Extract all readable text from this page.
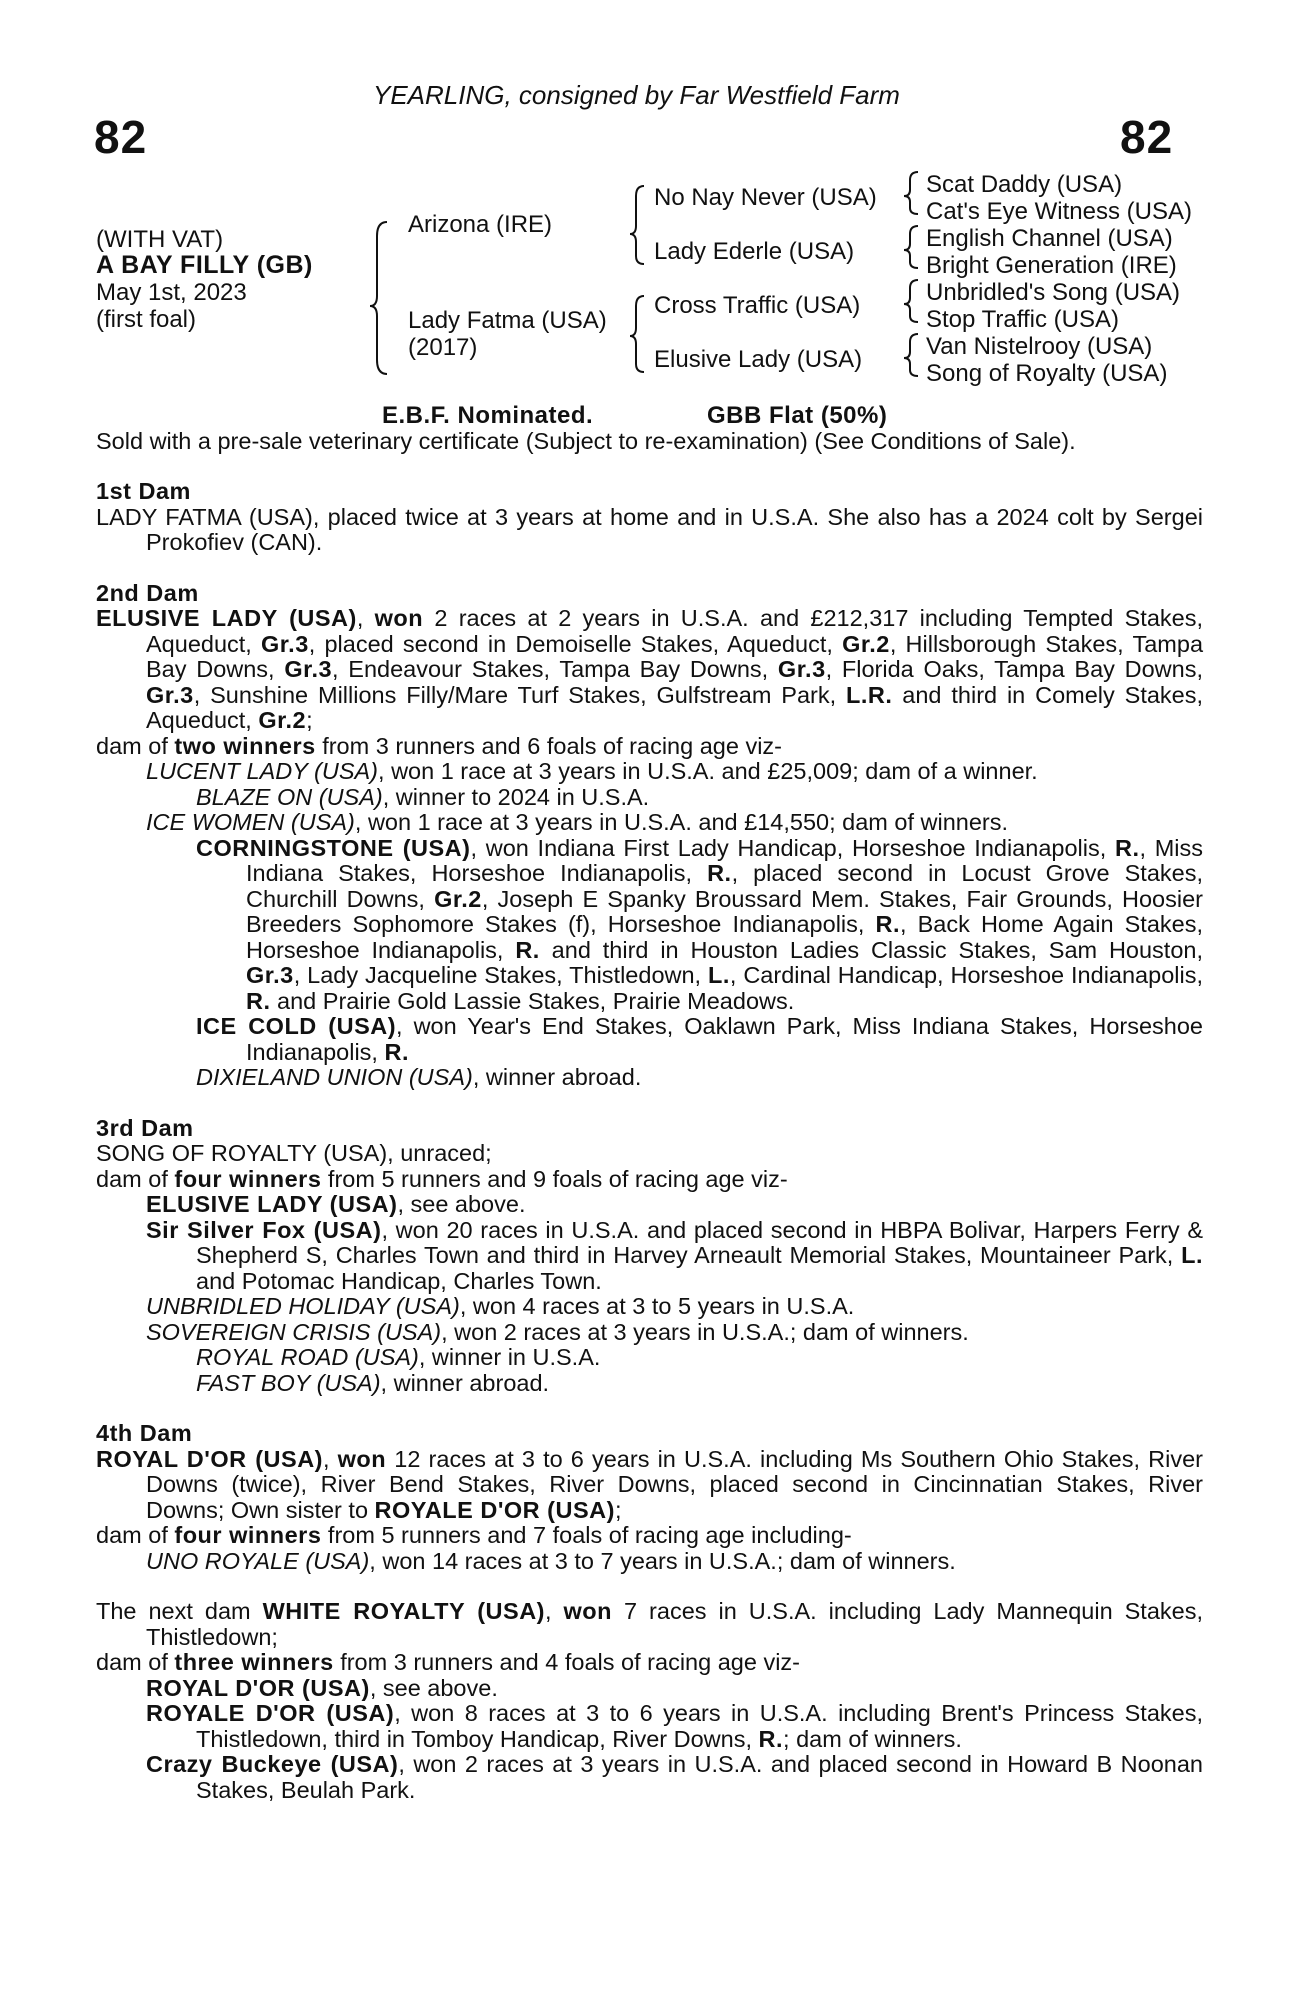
YEARLING, consigned by Far Westfield Farm
82	82
(WITH VAT)
A BAY FILLY (GB)
May 1st, 2023
(first foal)
Arizona (IRE)
Lady Fatma (USA)
(2017)
No Nay Never (USA)
Lady Ederle (USA)
Cross Traffic (USA)
Elusive Lady (USA)
Scat Daddy (USA)
Cat's Eye Witness (USA)
English Channel (USA)
Bright Generation (IRE)
Unbridled's Song (USA)
Stop Traffic (USA)
Van Nistelrooy (USA)
Song of Royalty (USA)
E.B.F. Nominated.	GBB Flat (50%)
Sold with a pre-sale veterinary certificate (Subject to re-examination) (See Conditions of Sale).

1st Dam

LADY FATMA (USA), placed twice at 3 years at home and in U.S.A. She also has a 2024 colt by Sergei Prokofiev (CAN).

2nd Dam

ELUSIVE LADY (USA), won 2 races at 2 years in U.S.A. and £212,317 including Tempted Stakes, Aqueduct, Gr.3, placed second in Demoiselle Stakes, Aqueduct, Gr.2, Hillsborough Stakes, Tampa Bay Downs, Gr.3, Endeavour Stakes, Tampa Bay Downs, Gr.3, Florida Oaks, Tampa Bay Downs, Gr.3, Sunshine Millions Filly/Mare Turf Stakes, Gulfstream Park, L.R. and third in Comely Stakes, Aqueduct, Gr.2;

dam of two winners from 3 runners and 6 foals of racing age viz-

LUCENT LADY (USA), won 1 race at 3 years in U.S.A. and £25,009; dam of a winner.

BLAZE ON (USA), winner to 2024 in U.S.A.

ICE WOMEN (USA), won 1 race at 3 years in U.S.A. and £14,550; dam of winners.

CORNINGSTONE (USA), won Indiana First Lady Handicap, Horseshoe Indianapolis, R., Miss Indiana Stakes, Horseshoe Indianapolis, R., placed second in Locust Grove Stakes, Churchill Downs, Gr.2, Joseph E Spanky Broussard Mem. Stakes, Fair Grounds, Hoosier Breeders Sophomore Stakes (f), Horseshoe Indianapolis, R., Back Home Again Stakes, Horseshoe Indianapolis, R. and third in Houston Ladies Classic Stakes, Sam Houston, Gr.3, Lady Jacqueline Stakes, Thistledown, L., Cardinal Handicap, Horseshoe Indianapolis, R. and Prairie Gold Lassie Stakes, Prairie Meadows.

ICE COLD (USA), won Year's End Stakes, Oaklawn Park, Miss Indiana Stakes, Horseshoe Indianapolis, R.

DIXIELAND UNION (USA), winner abroad.

3rd Dam

SONG OF ROYALTY (USA), unraced;

dam of four winners from 5 runners and 9 foals of racing age viz-

ELUSIVE LADY (USA), see above.

Sir Silver Fox (USA), won 20 races in U.S.A. and placed second in HBPA Bolivar, Harpers Ferry & Shepherd S, Charles Town and third in Harvey Arneault Memorial Stakes, Mountaineer Park, L. and Potomac Handicap, Charles Town.

UNBRIDLED HOLIDAY (USA), won 4 races at 3 to 5 years in U.S.A.

SOVEREIGN CRISIS (USA), won 2 races at 3 years in U.S.A.; dam of winners.

ROYAL ROAD (USA), winner in U.S.A.

FAST BOY (USA), winner abroad.

4th Dam

ROYAL D'OR (USA), won 12 races at 3 to 6 years in U.S.A. including Ms Southern Ohio Stakes, River Downs (twice), River Bend Stakes, River Downs, placed second in Cincinnatian Stakes, River Downs; Own sister to ROYALE D'OR (USA);

dam of four winners from 5 runners and 7 foals of racing age including-

UNO ROYALE (USA), won 14 races at 3 to 7 years in U.S.A.; dam of winners.

The next dam WHITE ROYALTY (USA), won 7 races in U.S.A. including Lady Mannequin Stakes, Thistledown;

dam of three winners from 3 runners and 4 foals of racing age viz-

ROYAL D'OR (USA), see above.

ROYALE D'OR (USA), won 8 races at 3 to 6 years in U.S.A. including Brent's Princess Stakes, Thistledown, third in Tomboy Handicap, River Downs, R.; dam of winners.

Crazy Buckeye (USA), won 2 races at 3 years in U.S.A. and placed second in Howard B Noonan Stakes, Beulah Park.
